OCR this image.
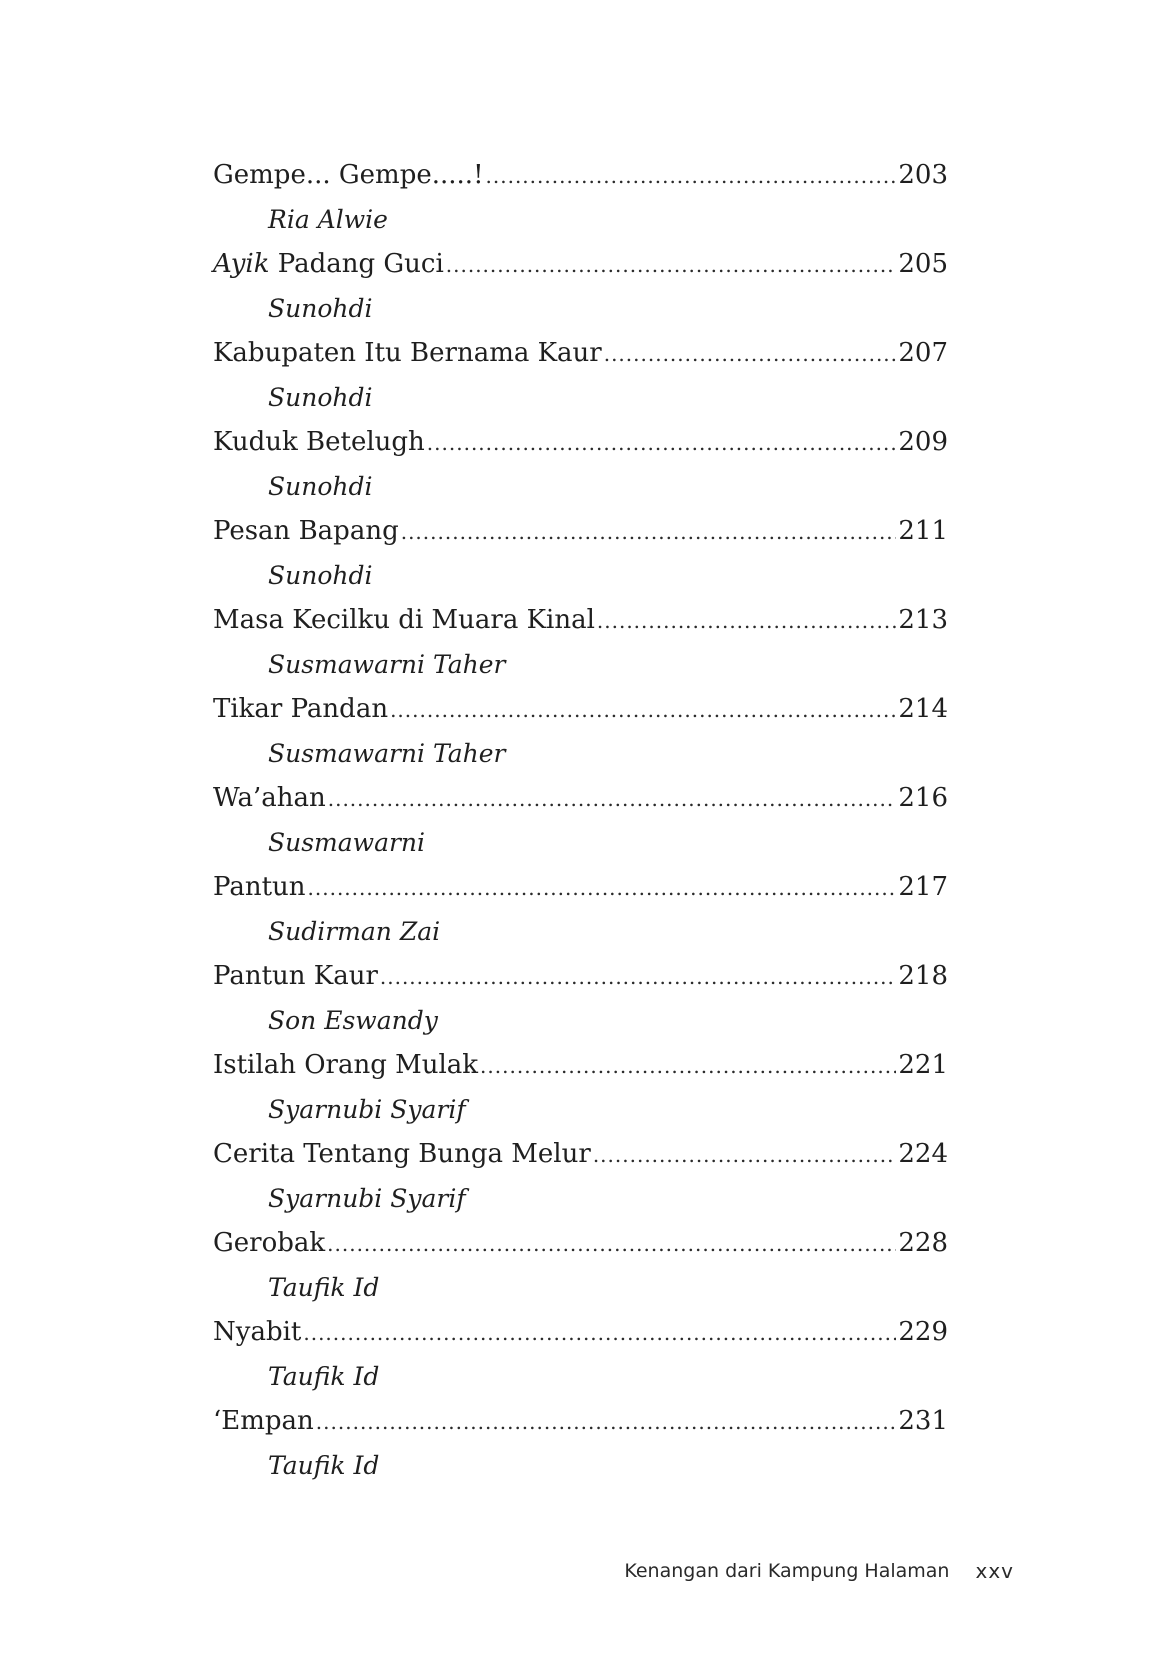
Gempe... Gempe.....! .....	203
Ria Alwie
Ayik Padang Guci .....	205
Sunohdi
Kabupaten Itu Bernama Kaur .....	207
Sunohdi
Kuduk Betelugh .....	209
Sunohdi
Pesan Bapang .....	211
Sunohdi
Masa Kecilku di Muara Kinal .....	213
Susmawarni Taher
Tikar Pandan .....	214
Susmawarni Taher
Wa’ahan .....	216
Susmawarni
Pantun .....	217
Sudirman Zai
Pantun Kaur .....	218
Son Eswandy
Istilah Orang Mulak .....	221
Syarnubi Syarif
Cerita Tentang Bunga Melur .....	224
Syarnubi Syarif
Gerobak .....	228
Taufik Id
Nyabit .....	229
Taufik Id
‘Empan .....	231
Taufik Id
Kenangan dari Kampung Halaman xxv
